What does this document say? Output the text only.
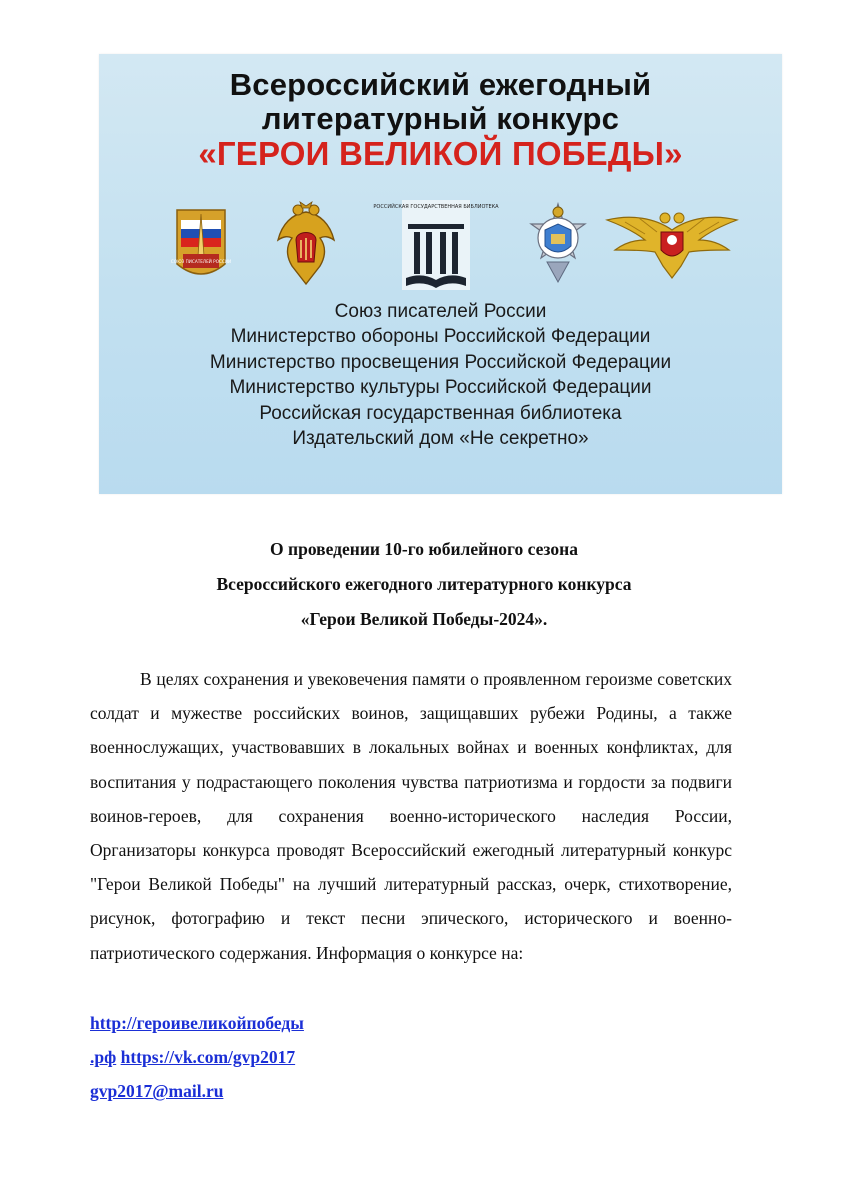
Всероссийский ежегодный
литературный конкурс
«ГЕРОИ ВЕЛИКОЙ ПОБЕДЫ»
СОЮЗ ПИСАТЕЛЕЙ РОССИИ
РОССИЙСКАЯ ГОСУДАРСТВЕННАЯ БИБЛИОТЕКА
Союз писателей России
Министерство обороны Российской Федерации
Министерство просвещения Российской Федерации
Министерство культуры Российской Федерации
Российская государственная библиотека
Издательский дом «Не секретно»
О проведении 10-го юбилейного сезона
Всероссийского ежегодного литературного конкурса
«Герои Великой Победы-2024».

В целях сохранения и увековечения памяти о проявленном героизме советских солдат и мужестве российских воинов, защищавших рубежи Родины, а также военнослужащих, участвовавших в локальных войнах и военных конфликтах, для воспитания у подрастающего поколения чувства патриотизма и гордости за подвиги воинов-героев, для сохранения военно-исторического наследия России, Организаторы конкурса проводят Всероссийский ежегодный литературный конкурс "Герои Великой Победы" на лучший литературный рассказ, очерк, стихотворение, рисунок, фотографию и текст песни эпического, исторического и военно-патриотического содержания. Информация о конкурсе на:

http://героивеликойпобеды
.рф https://vk.com/gvp2017
gvp2017@mail.ru
